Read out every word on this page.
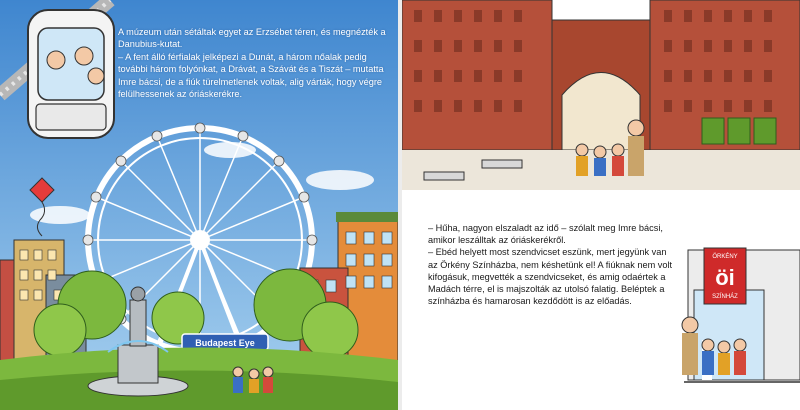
Budapest Eye

A múzeum után sétáltak egyet az Erzsébet téren, és megnézték a Danubius-kutat.

– A fent álló férfialak jelképezi a Dunát, a három nőalak pedig további három folyónkat, a Drávát, a Szávát és a Tiszát – mutatta Imre bácsi, de a fiúk türelmetlenek voltak, alig várták, hogy végre felülhessenek az óriáskerékre.

ÖRKÉNY
öi
SZÍNHÁZ

– Hűha, nagyon elszaladt az idő – szólalt meg Imre bácsi, amikor leszálltak az óriáskerékről.

– Ebéd helyett most szendvicset eszünk, mert jegyünk van az Örkény Színházba, nem késhetünk el! A fiúknak nem volt kifogásuk, megvették a szendvicseket, és amig odaértek a Madách térre, el is majszolták az utolsó falatig. Beléptek a színházba és hamarosan kezdődött is az előadás.
